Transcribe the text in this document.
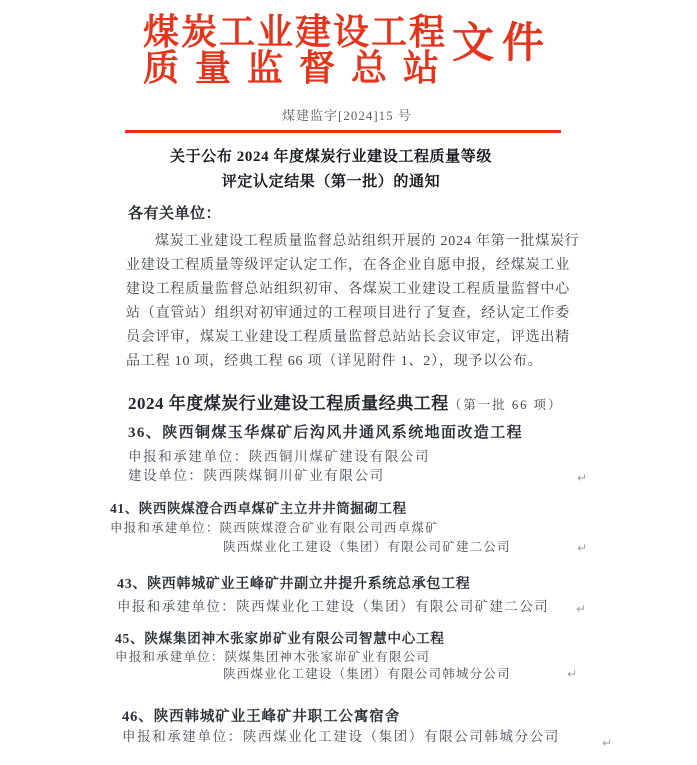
煤炭工业建设工程
质量监督总站
文件
煤建监字[2024]15 号
关于公布 2024 年度煤炭行业建设工程质量等级
评定认定结果（第一批）的通知
各有关单位：
煤炭工业建设工程质量监督总站组织开展的 2024 年第一批煤炭行
业建设工程质量等级评定认定工作，在各企业自愿申报，经煤炭工业
建设工程质量监督总站组织初审、各煤炭工业建设工程质量监督中心
站（直管站）组织对初审通过的工程项目进行了复查，经认定工作委
员会评审，煤炭工业建设工程质量监督总站站长会议审定，评选出精
品工程 10 项，经典工程 66 项（详见附件 1、2），现予以公布。
2024 年度煤炭行业建设工程质量经典工程（第一批 66 项）
36、陕西铜煤玉华煤矿后沟风井通风系统地面改造工程
申报和承建单位：陕西铜川煤矿建设有限公司
建设单位：陕西陕煤铜川矿业有限公司	↵
41、陕西陕煤澄合西卓煤矿主立井井筒掘砌工程
申报和承建单位：陕西陕煤澄合矿业有限公司西卓煤矿
陕西煤业化工建设（集团）有限公司矿建二公司	↵
43、陕西韩城矿业王峰矿井副立井提升系统总承包工程
申报和承建单位：陕西煤业化工建设（集团）有限公司矿建二公司 ↵
45、陕煤集团神木张家峁矿业有限公司智慧中心工程
申报和承建单位：陕煤集团神木张家峁矿业有限公司
陕西煤业化工建设（集团）有限公司韩城分公司	↵
46、陕西韩城矿业王峰矿井职工公寓宿舍
申报和承建单位：陕西煤业化工建设（集团）有限公司韩城分公司	↵
